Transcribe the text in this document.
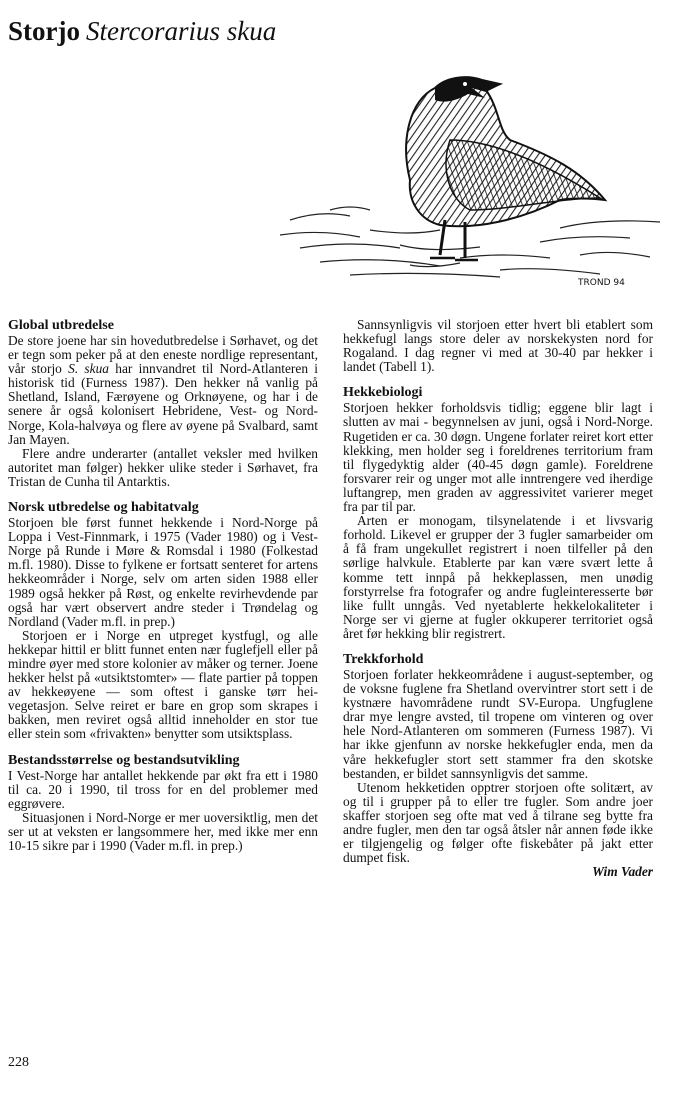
Storjo Stercorarius skua
TROND 94
Global utbredelse

De store joene har sin hovedutbredelse i Sørhavet, og det er tegn som peker på at den eneste nordlige representant, vår storjo S. skua har innvandret til Nord-Atlanteren i historisk tid (Furness 1987). Den hekker nå vanlig på Shetland, Island, Færøyene og Orknøyene, og har i de senere år også kolonisert Hebridene, Vest- og Nord-Norge, Kola-halvøya og flere av øyene på Svalbard, samt Jan Mayen.

Flere andre underarter (antallet veksler med hvilken autoritet man følger) hekker ulike steder i Sørhavet, fra Tristan de Cunha til Antarktis.

Norsk utbredelse og habitatvalg

Storjoen ble først funnet hekkende i Nord-Norge på Loppa i Vest-Finnmark, i 1975 (Vader 1980) og i Vest-Norge på Runde i Møre & Romsdal i 1980 (Folkestad m.fl. 1980). Disse to fylkene er fortsatt senteret for artens hekkeområder i Norge, selv om arten siden 1988 eller 1989 også hekker på Røst, og enkelte revirhevdende par også har vært observert andre steder i Trøndelag og Nordland (Vader m.fl. in prep.)

Storjoen er i Norge en utpreget kystfugl, og alle hekkepar hittil er blitt funnet enten nær fuglefjell eller på mindre øyer med store kolonier av måker og terner. Joene hekker helst på «utsiktstomter» — flate partier på toppen av hekkeøyene — som oftest i ganske tørr hei-vegetasjon. Selve reiret er bare en grop som skrapes i bakken, men reviret også alltid inneholder en stor tue eller stein som «frivakten» benytter som utsiktsplass.

Bestandsstørrelse og bestandsutvikling

I Vest-Norge har antallet hekkende par økt fra ett i 1980 til ca. 20 i 1990, til tross for en del problemer med eggrøvere.

Situasjonen i Nord-Norge er mer uoversiktlig, men det ser ut at veksten er langsommere her, med ikke mer enn 10-15 sikre par i 1990 (Vader m.fl. in prep.)

Sannsynligvis vil storjoen etter hvert bli etablert som hekkefugl langs store deler av norskekysten nord for Rogaland. I dag regner vi med at 30-40 par hekker i landet (Tabell 1).

Hekkebiologi

Storjoen hekker forholdsvis tidlig; eggene blir lagt i slutten av mai - begynnelsen av juni, også i Nord-Norge. Rugetiden er ca. 30 døgn. Ungene forlater reiret kort etter klekking, men holder seg i foreldrenes territorium fram til flygedyktig alder (40-45 døgn gamle). Foreldrene forsvarer reir og unger mot alle inntrengere ved iherdige luftangrep, men graden av aggressivitet varierer meget fra par til par.

Arten er monogam, tilsynelatende i et livsvarig forhold. Likevel er grupper der 3 fugler samarbeider om å få fram ungekullet registrert i noen tilfeller på den sørlige halvkule. Etablerte par kan være svært lette å komme tett innpå på hekkeplassen, men unødig forstyrrelse fra fotografer og andre fugleinteresserte bør like fullt unngås. Ved nyetablerte hekkelokaliteter i Norge ser vi gjerne at fugler okkuperer territoriet også året før hekking blir registrert.

Trekkforhold

Storjoen forlater hekkeområdene i august-september, og de voksne fuglene fra Shetland overvintrer stort sett i de kystnære havområdene rundt SV-Europa. Ungfuglene drar mye lengre avsted, til tropene om vinteren og over hele Nord-Atlanteren om sommeren (Furness 1987). Vi har ikke gjenfunn av norske hekkefugler enda, men da våre hekkefugler stort sett stammer fra den skotske bestanden, er bildet sannsynligvis det samme.

Utenom hekketiden opptrer storjoen ofte solitært, av og til i grupper på to eller tre fugler. Som andre joer skaffer storjoen seg ofte mat ved å tilrane seg bytte fra andre fugler, men den tar også åtsler når annen føde ikke er tilgjengelig og følger ofte fiskebåter på jakt etter dumpet fisk.

Wim Vader

228
